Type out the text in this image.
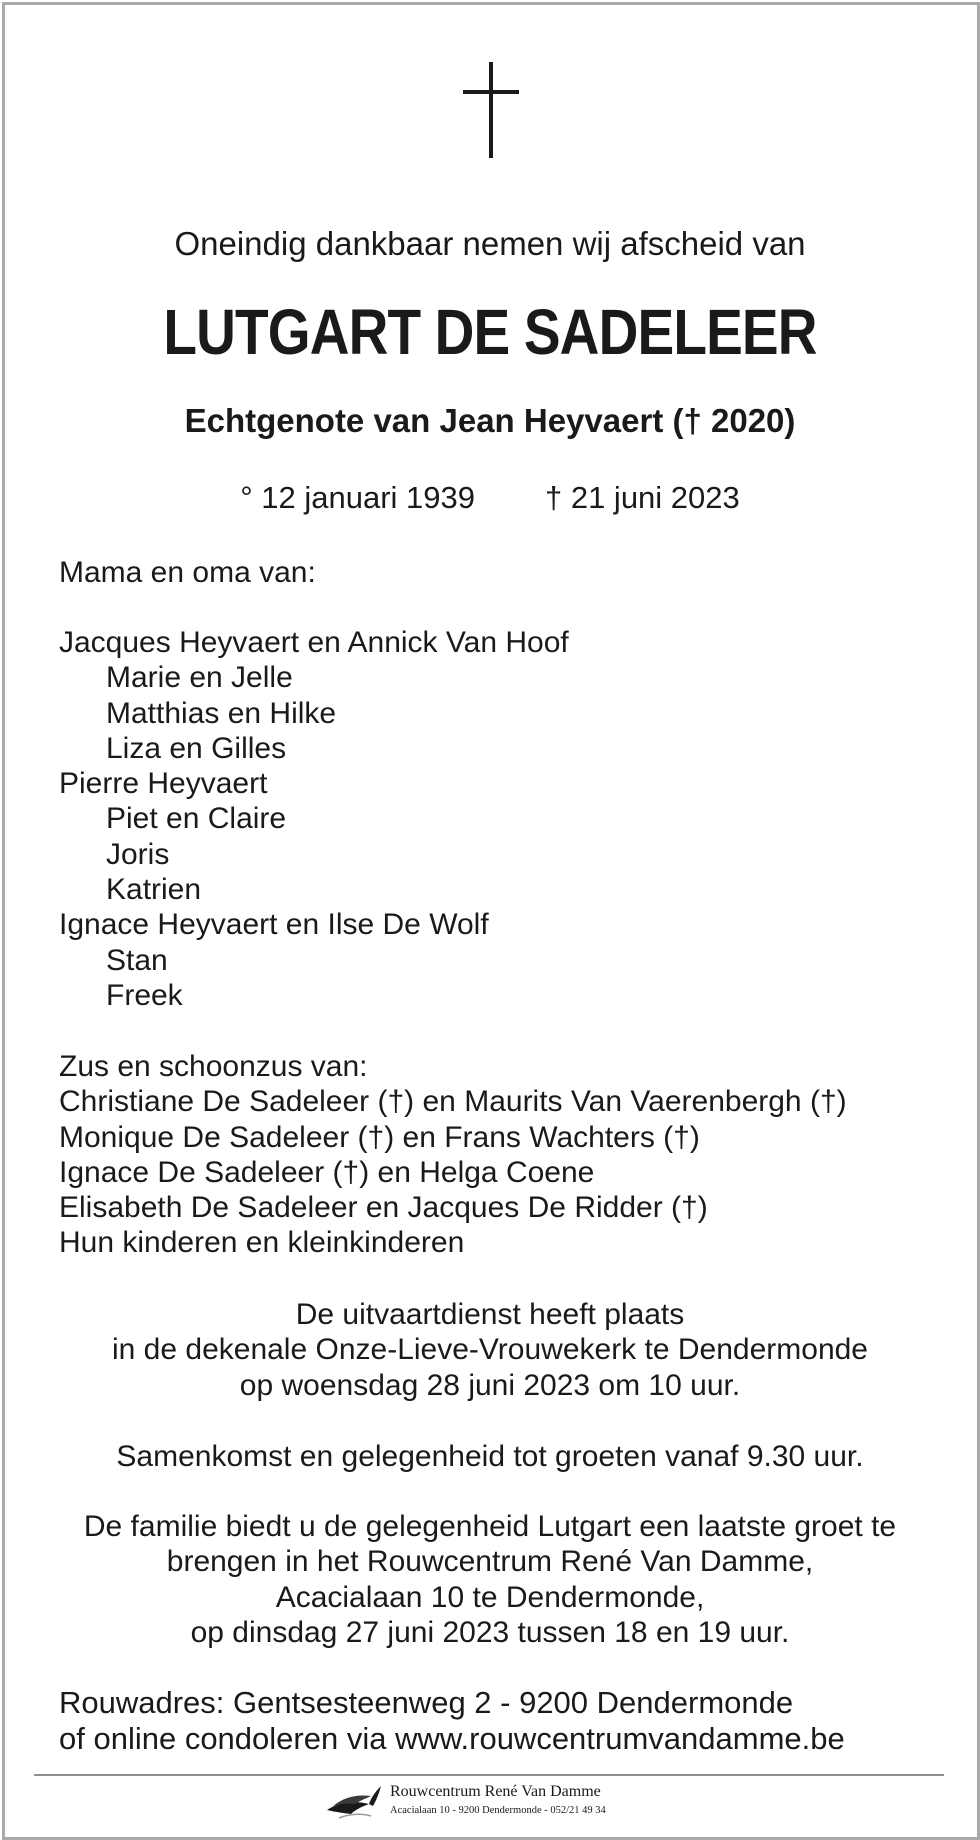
Oneindig dankbaar nemen wij afscheid van
LUTGART DE SADELEER
Echtgenote van Jean Heyvaert († 2020)
° 12 januari 1939 † 21 juni 2023
Mama en oma van:
Jacques Heyvaert en Annick Van Hoof
Marie en Jelle
Matthias en Hilke
Liza en Gilles
Pierre Heyvaert
Piet en Claire
Joris
Katrien
Ignace Heyvaert en Ilse De Wolf
Stan
Freek
Zus en schoonzus van:
Christiane De Sadeleer (†) en Maurits Van Vaerenbergh (†)
Monique De Sadeleer (†) en Frans Wachters (†)
Ignace De Sadeleer (†) en Helga Coene
Elisabeth De Sadeleer en Jacques De Ridder (†)
Hun kinderen en kleinkinderen
De uitvaartdienst heeft plaats
in de dekenale Onze-Lieve-Vrouwekerk te Dendermonde
op woensdag 28 juni 2023 om 10 uur.
Samenkomst en gelegenheid tot groeten vanaf 9.30 uur.
De familie biedt u de gelegenheid Lutgart een laatste groet te
brengen in het Rouwcentrum René Van Damme,
Acacialaan 10 te Dendermonde,
op dinsdag 27 juni 2023 tussen 18 en 19 uur.
Rouwadres: Gentsesteenweg 2 - 9200 Dendermonde
of online condoleren via www.rouwcentrumvandamme.be
Rouwcentrum René Van Damme
Acacialaan 10 - 9200 Dendermonde - 052/21 49 34
